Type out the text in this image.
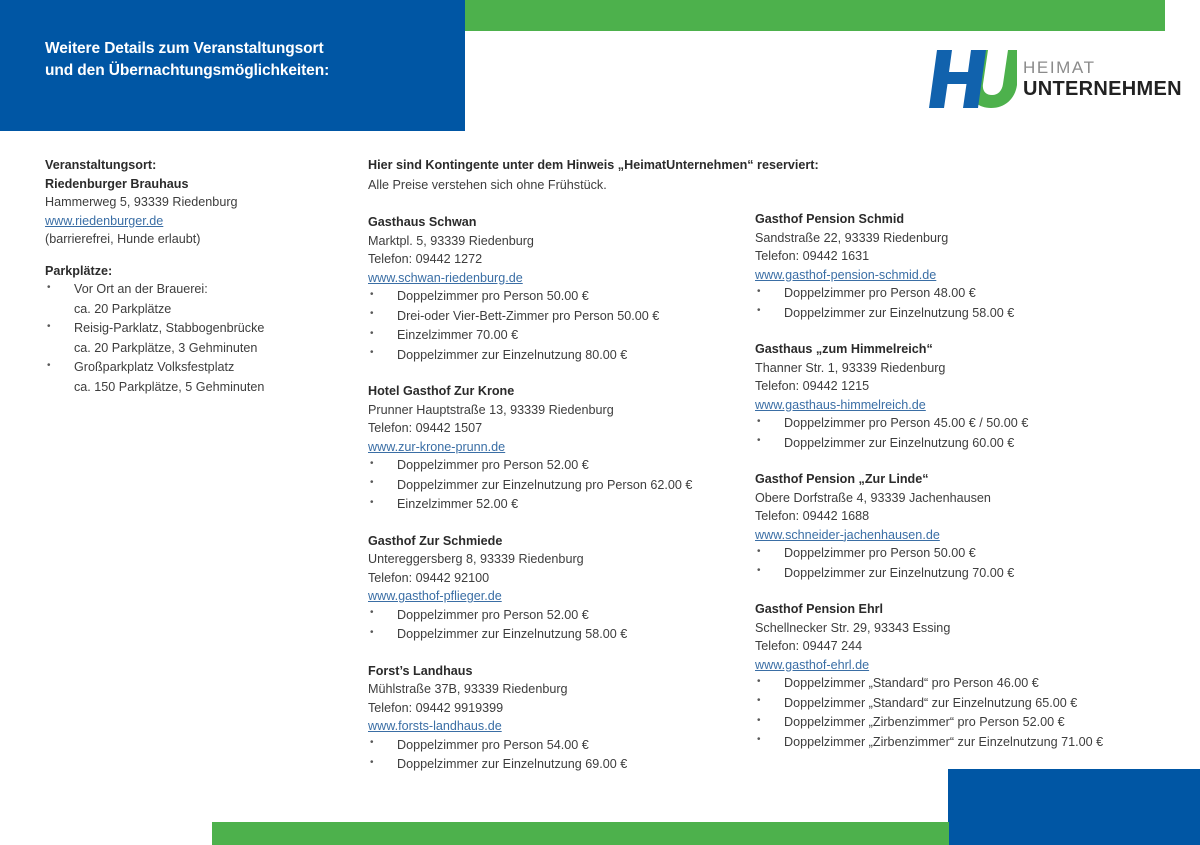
Weitere Details zum Veranstaltungsort
und den Übernachtungsmöglichkeiten:	HEIMAT
UNTERNEHMEN
Veranstaltungsort:
Riedenburger Brauhaus
Hammerweg 5, 93339 Riedenburg
www.riedenburger.de
(barrierefrei, Hunde erlaubt)
Parkplätze:
• Vor Ort an der Brauerei:
ca. 20 Parkplätze
• Reisig-Parklatz, Stabbogenbrücke
ca. 20 Parkplätze, 3 Gehminuten
• Großparkplatz Volksfestplatz
ca. 150 Parkplätze, 5 Gehminuten
Hier sind Kontingente unter dem Hinweis „HeimatUnternehmen“ reserviert:
Alle Preise verstehen sich ohne Frühstück.
Gasthaus Schwan
Marktpl. 5, 93339 Riedenburg
Telefon: 09442 1272
www.schwan-riedenburg.de
• Doppelzimmer pro Person 50.00 €
• Drei-oder Vier-Bett-Zimmer pro Person 50.00 €
• Einzelzimmer 70.00 €
• Doppelzimmer zur Einzelnutzung 80.00 €
Hotel Gasthof Zur Krone
Prunner Hauptstraße 13, 93339 Riedenburg
Telefon: 09442 1507
www.zur-krone-prunn.de
• Doppelzimmer pro Person 52.00 €
• Doppelzimmer zur Einzelnutzung pro Person 62.00 €
• Einzelzimmer 52.00 €
Gasthof Zur Schmiede
Untereggersberg 8, 93339 Riedenburg
Telefon: 09442 92100
www.gasthof-pflieger.de
• Doppelzimmer pro Person 52.00 €
• Doppelzimmer zur Einzelnutzung 58.00 €
Forst’s Landhaus
Mühlstraße 37B, 93339 Riedenburg
Telefon: 09442 9919399
www.forsts-landhaus.de
• Doppelzimmer pro Person 54.00 €
• Doppelzimmer zur Einzelnutzung 69.00 €
Gasthof Pension Schmid
Sandstraße 22, 93339 Riedenburg
Telefon: 09442 1631
www.gasthof-pension-schmid.de
• Doppelzimmer pro Person 48.00 €
• Doppelzimmer zur Einzelnutzung 58.00 €
Gasthaus „zum Himmelreich“
Thanner Str. 1, 93339 Riedenburg
Telefon: 09442 1215
www.gasthaus-himmelreich.de
• Doppelzimmer pro Person 45.00 € / 50.00 €
• Doppelzimmer zur Einzelnutzung 60.00 €
Gasthof Pension „Zur Linde“
Obere Dorfstraße 4, 93339 Jachenhausen
Telefon: 09442 1688
www.schneider-jachenhausen.de
• Doppelzimmer pro Person 50.00 €
• Doppelzimmer zur Einzelnutzung 70.00 €
Gasthof Pension Ehrl
Schellnecker Str. 29, 93343 Essing
Telefon: 09447 244
www.gasthof-ehrl.de
• Doppelzimmer „Standard“ pro Person 46.00 €
• Doppelzimmer „Standard“ zur Einzelnutzung 65.00 €
• Doppelzimmer „Zirbenzimmer“ pro Person 52.00 €
• Doppelzimmer „Zirbenzimmer“ zur Einzelnutzung 71.00 €
